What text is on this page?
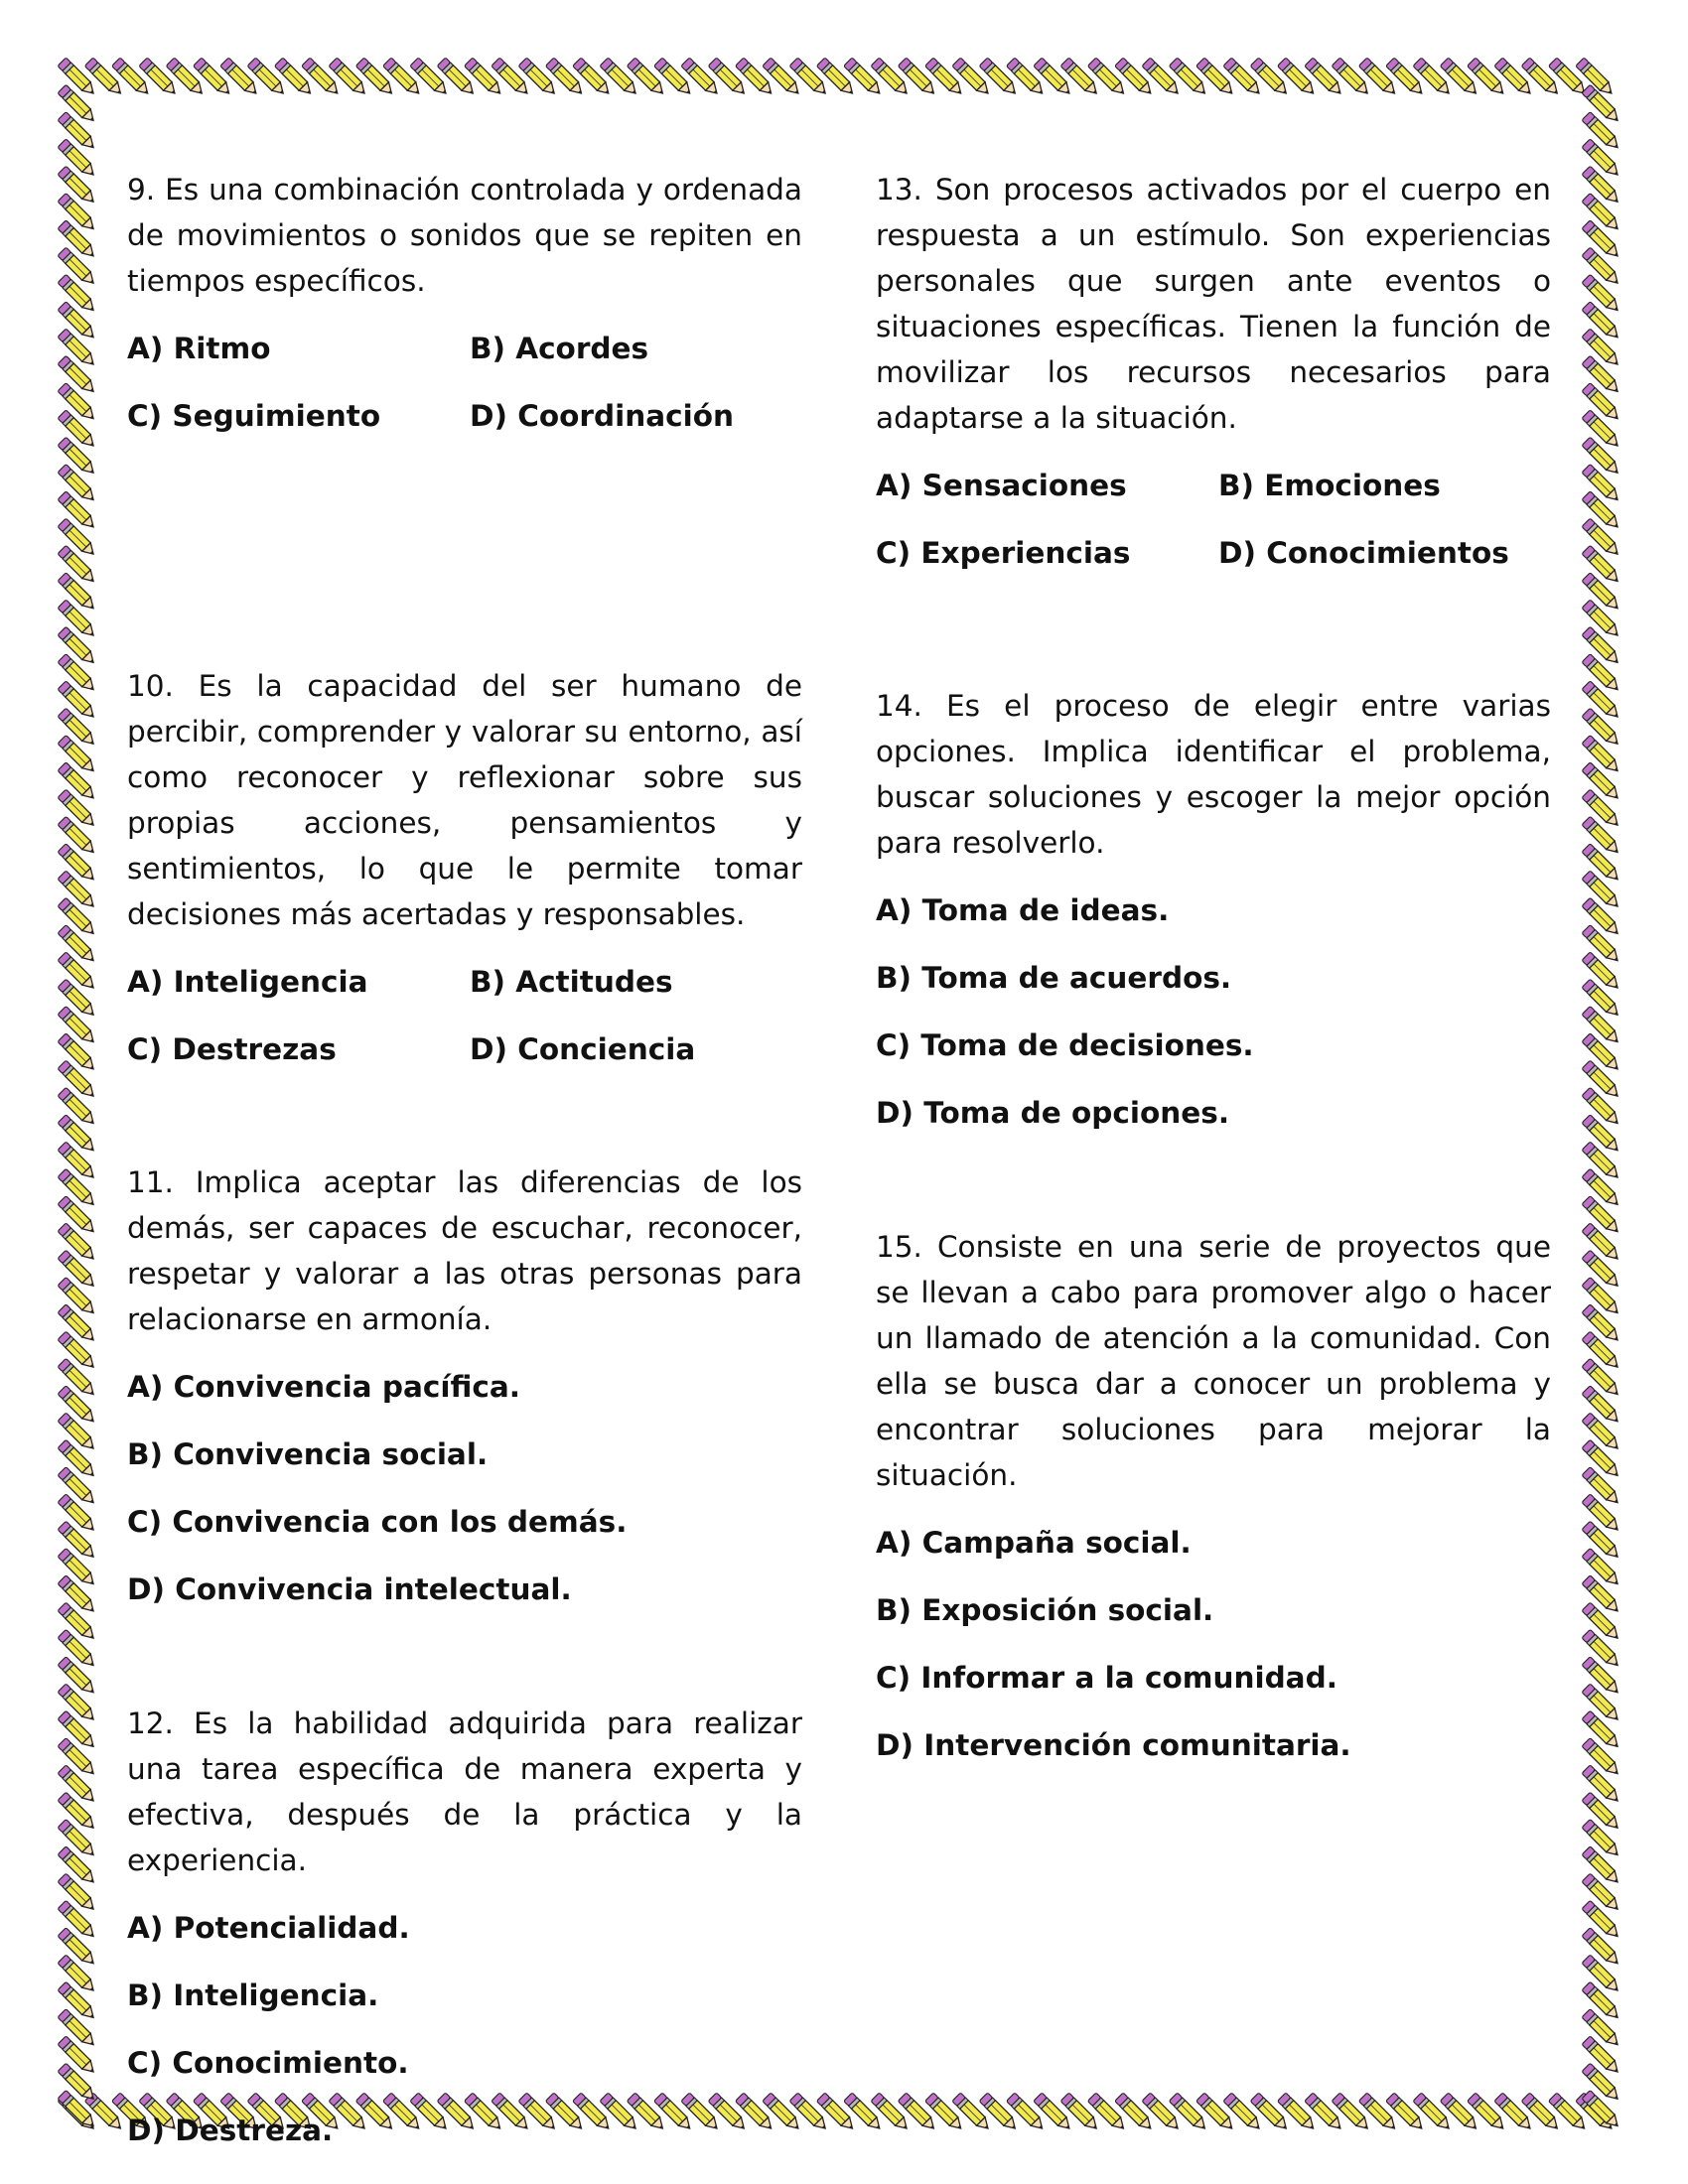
9. Es una combinación controlada y ordenada de movimientos o sonidos que se repiten en tiempos específicos.

A) Ritmo	B) Acordes
C) Seguimiento	D) Coordinación

10. Es la capacidad del ser humano de percibir, comprender y valorar su entorno, así como reconocer y reflexionar sobre sus propias acciones, pensamientos y sentimientos, lo que le permite tomar decisiones más acertadas y responsables.

A) Inteligencia	B) Actitudes
C) Destrezas	D) Conciencia

11. Implica aceptar las diferencias de los demás, ser capaces de escuchar, reconocer, respetar y valorar a las otras personas para relacionarse en armonía.

A) Convivencia pacífica.
B) Convivencia social.
C) Convivencia con los demás.
D) Convivencia intelectual.

12. Es la habilidad adquirida para realizar una tarea específica de manera experta y efectiva, después de la práctica y la experiencia.

A) Potencialidad.
B) Inteligencia.
C) Conocimiento.
D) Destreza.

13. Son procesos activados por el cuerpo en respuesta a un estímulo. Son experiencias personales que surgen ante eventos o situaciones específicas. Tienen la función de movilizar los recursos necesarios para adaptarse a la situación.

A) Sensaciones	B) Emociones
C) Experiencias	D) Conocimientos

14. Es el proceso de elegir entre varias opciones. Implica identificar el problema, buscar soluciones y escoger la mejor opción para resolverlo.

A) Toma de ideas.
B) Toma de acuerdos.
C) Toma de decisiones.
D) Toma de opciones.

15. Consiste en una serie de proyectos que se llevan a cabo para promover algo o hacer un llamado de atención a la comunidad. Con ella se busca dar a conocer un problema y encontrar soluciones para mejorar la situación.

A) Campaña social.
B) Exposición social.
C) Informar a la comunidad.
D) Intervención comunitaria.
